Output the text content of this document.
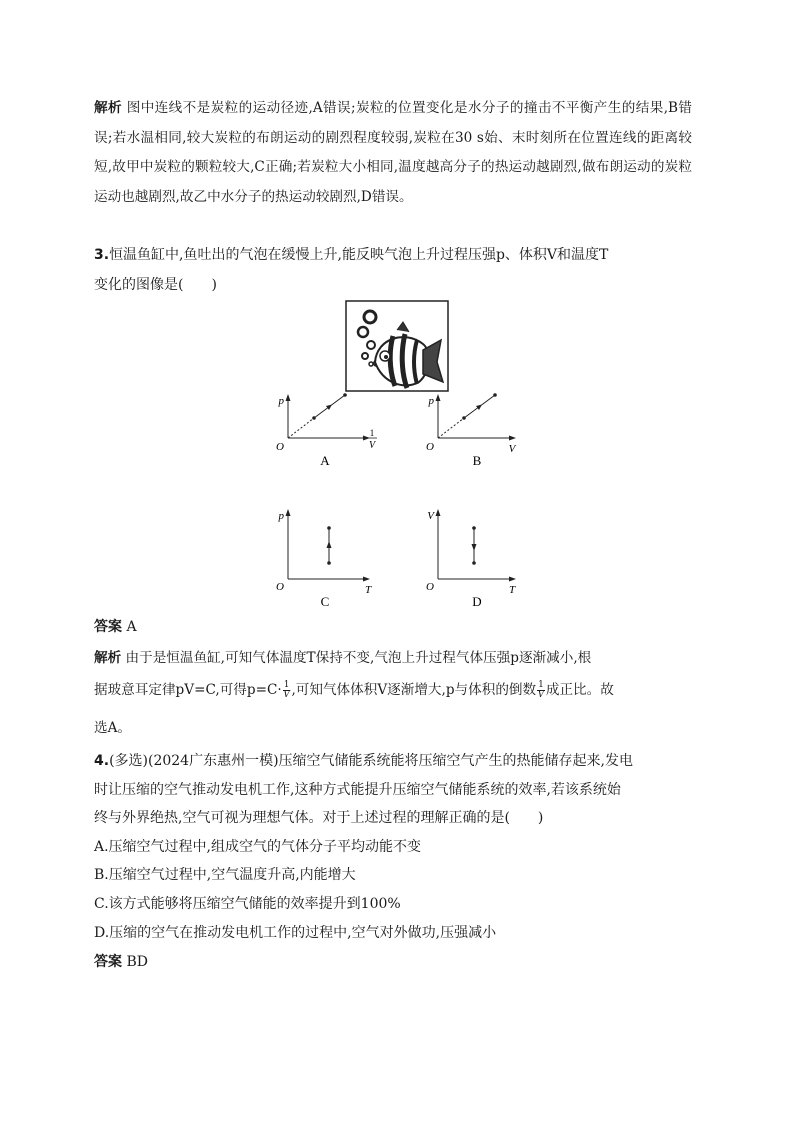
解析 图中连线不是炭粒的运动径迹,A错误;炭粒的位置变化是水分子的撞击不平衡产生的结果,B错误;若水温相同,较大炭粒的布朗运动的剧烈程度较弱,炭粒在30 s始、末时刻所在位置连线的距离较短,故甲中炭粒的颗粒较大,C正确;若炭粒大小相同,温度越高分子的热运动越剧烈,做布朗运动的炭粒运动也越剧烈,故乙中水分子的热运动较剧烈,D错误。
3.恒温鱼缸中,鱼吐出的气泡在缓慢上升,能反映气泡上升过程压强p、体积V和温度T
变化的图像是(　　)
p
O
1
V
A
p
O	V
B
p
O	T
C
V
O	T
D
答案 A
解析 由于是恒温鱼缸,可知气体温度T保持不变,气泡上升过程气体压强p逐渐减小,根
据玻意耳定律pV=C,可得$p=C\cdot \frac{1}{V}$ ,可知气体体积V逐渐增大,p与体积的倒数 $\frac{1}{V}$ 成正比。故
选A。
4.(多选)(2024广东惠州一模)压缩空气储能系统能将压缩空气产生的热能储存起来,发电
时让压缩的空气推动发电机工作,这种方式能提升压缩空气储能系统的效率,若该系统始
终与外界绝热,空气可视为理想气体。对于上述过程的理解正确的是(　　)
A.压缩空气过程中,组成空气的气体分子平均动能不变
B.压缩空气过程中,空气温度升高,内能增大
C.该方式能够将压缩空气储能的效率提升到100%
D.压缩的空气在推动发电机工作的过程中,空气对外做功,压强减小
答案 BD
